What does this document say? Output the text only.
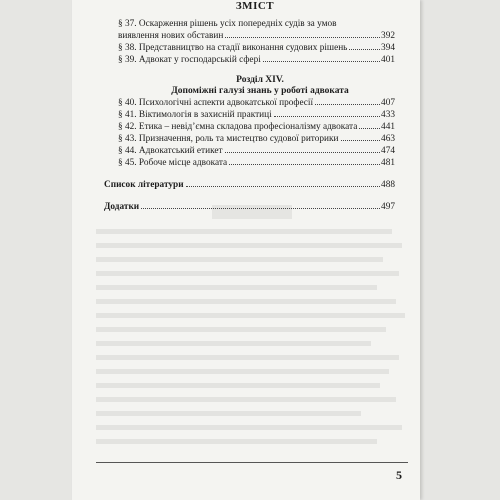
ЗМІСТ
§ 37. Оскарження рішень усіх попередніх судів за умов
виявлення нових обставин	392
§ 38. Представництво на стадії виконання судових рішень	394
§ 39. Адвокат у господарській сфері	401
Розділ XIV.
Допоміжні галузі знань у роботі адвоката
§ 40. Психологічні аспекти адвокатської професії	407
§ 41. Віктимологія в захисній практиці	433
§ 42. Етика – невід’ємна складова професіоналізму адвоката	441
§ 43. Призначення, роль та мистецтво судової риторики	463
§ 44. Адвокатський етикет	474
§ 45. Робоче місце адвоката	481
Список літератури	488
Додатки	497
5
